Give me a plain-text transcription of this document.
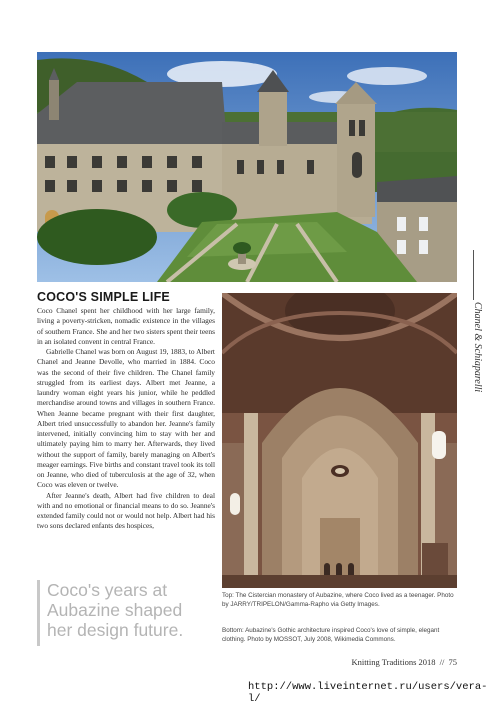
Chanel & Schiaparelli
COCO'S SIMPLE LIFE

Coco Chanel spent her childhood with her large family, living a poverty-stricken, nomadic existence in the villages of southern France. She and her two sisters spent their teens in an isolated convent in central France.

Gabrielle Chanel was born on August 19, 1883, to Albert Chanel and Jeanne Devolle, who married in 1884. Coco was the second of their five children. The Chanel family struggled from its earliest days. Albert met Jeanne, a laundry woman eight years his junior, while he peddled merchandise around towns and villages in southern France. When Jeanne became pregnant with their first daughter, Albert tried unsuccessfully to abandon her. Jeanne's family intervened, initially convincing him to stay with her and ultimately paying him to marry her. Afterwards, they lived without the support of family, barely managing on Albert's meager earnings. Five births and constant travel took its toll on Jeanne, who died of tuberculosis at the age of 32, when Coco was eleven or twelve.

After Jeanne's death, Albert had five children to deal with and no emotional or financial means to do so. Jeanne's extended family could not or would not help. Albert had his two sons declared enfants des hospices,

Coco's years at
Aubazine shaped
her design future.
Top: The Cistercian monastery of Aubazine, where Coco lived as a teenager. Photo by JARRY/TRIPELON/Gamma-Rapho via Getty Images.
Bottom: Aubazine's Gothic architecture inspired Coco's love of simple, elegant clothing. Photo by MOSSOT, July 2008, Wikimedia Commons.
Knitting Traditions 2018 // 75
http://www.liveinternet.ru/users/vera-l/
